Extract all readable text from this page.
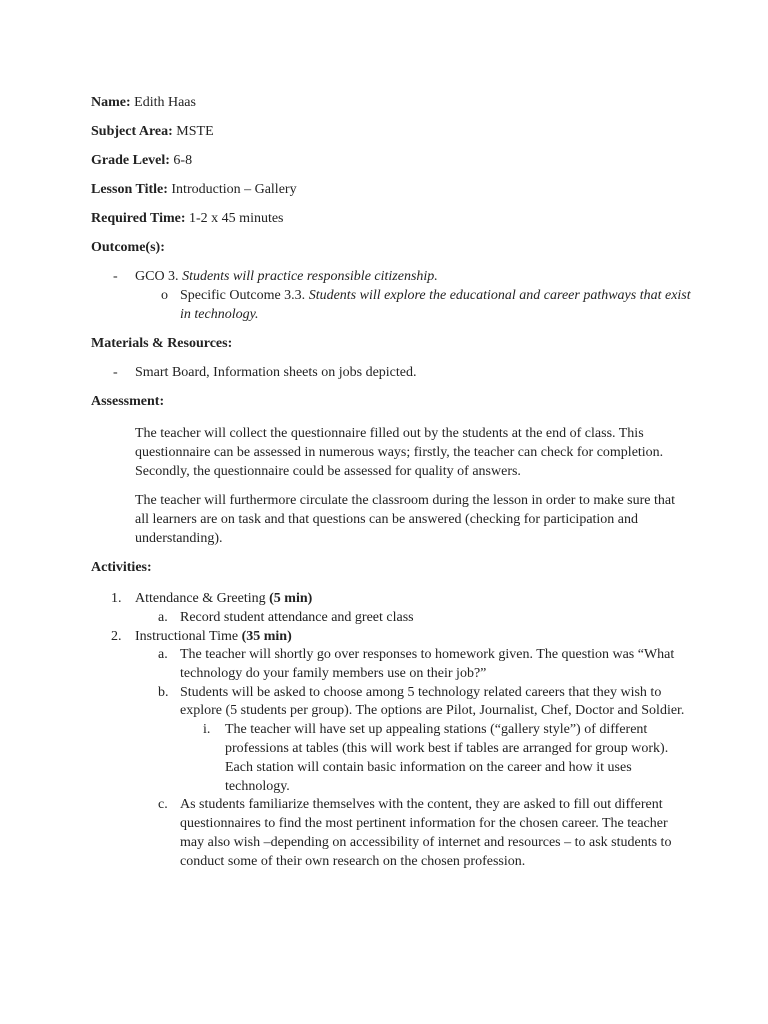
Name: Edith Haas
Subject Area: MSTE
Grade Level: 6-8
Lesson Title: Introduction – Gallery
Required Time: 1-2 x 45 minutes
Outcome(s):
- GCO 3. Students will practice responsible citizenship.
o Specific Outcome 3.3. Students will explore the educational and career pathways that exist in technology.
Materials & Resources:
- Smart Board, Information sheets on jobs depicted.
Assessment:
The teacher will collect the questionnaire filled out by the students at the end of class. This questionnaire can be assessed in numerous ways; firstly, the teacher can check for completion. Secondly, the questionnaire could be assessed for quality of answers.
The teacher will furthermore circulate the classroom during the lesson in order to make sure that all learners are on task and that questions can be answered (checking for participation and understanding).
Activities:
1. Attendance & Greeting (5 min)
a. Record student attendance and greet class
2. Instructional Time (35 min)
a. The teacher will shortly go over responses to homework given. The question was “What technology do your family members use on their job?”
b. Students will be asked to choose among 5 technology related careers that they wish to explore (5 students per group). The options are Pilot, Journalist, Chef, Doctor and Soldier.
i. The teacher will have set up appealing stations (“gallery style”) of different professions at tables (this will work best if tables are arranged for group work). Each station will contain basic information on the career and how it uses technology.
c. As students familiarize themselves with the content, they are asked to fill out different questionnaires to find the most pertinent information for the chosen career. The teacher may also wish –depending on accessibility of internet and resources – to ask students to conduct some of their own research on the chosen profession.
